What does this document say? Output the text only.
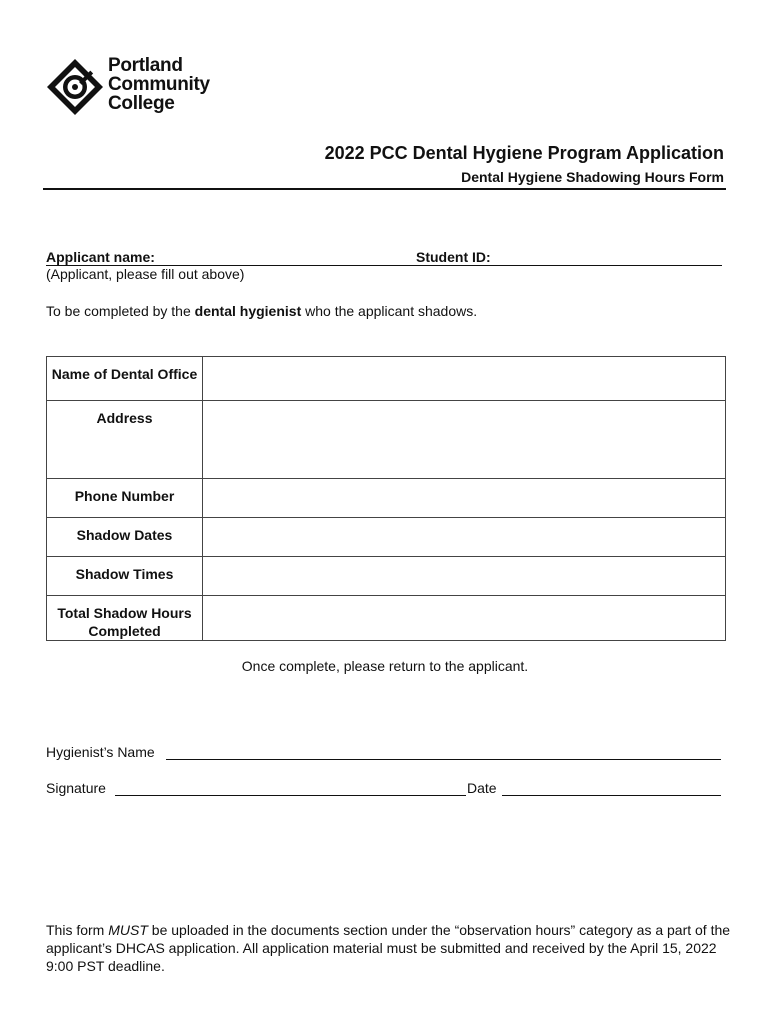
Portland
Community
College
2022 PCC Dental Hygiene Program Application
Dental Hygiene Shadowing Hours Form
Applicant name:	Student ID:
(Applicant, please fill out above)
To be completed by the dental hygienist who the applicant shadows.
Name of Dental Office	
Address	
Phone Number	
Shadow Dates	
Shadow Times	
Total Shadow Hours Completed	
Once complete, please return to the applicant.
Hygienist’s Name
Signature	Date
This form MUST be uploaded in the documents section under the “observation hours” category as a part of the applicant’s DHCAS application. All application material must be submitted and received by the April 15, 2022 9:00 PST deadline.
